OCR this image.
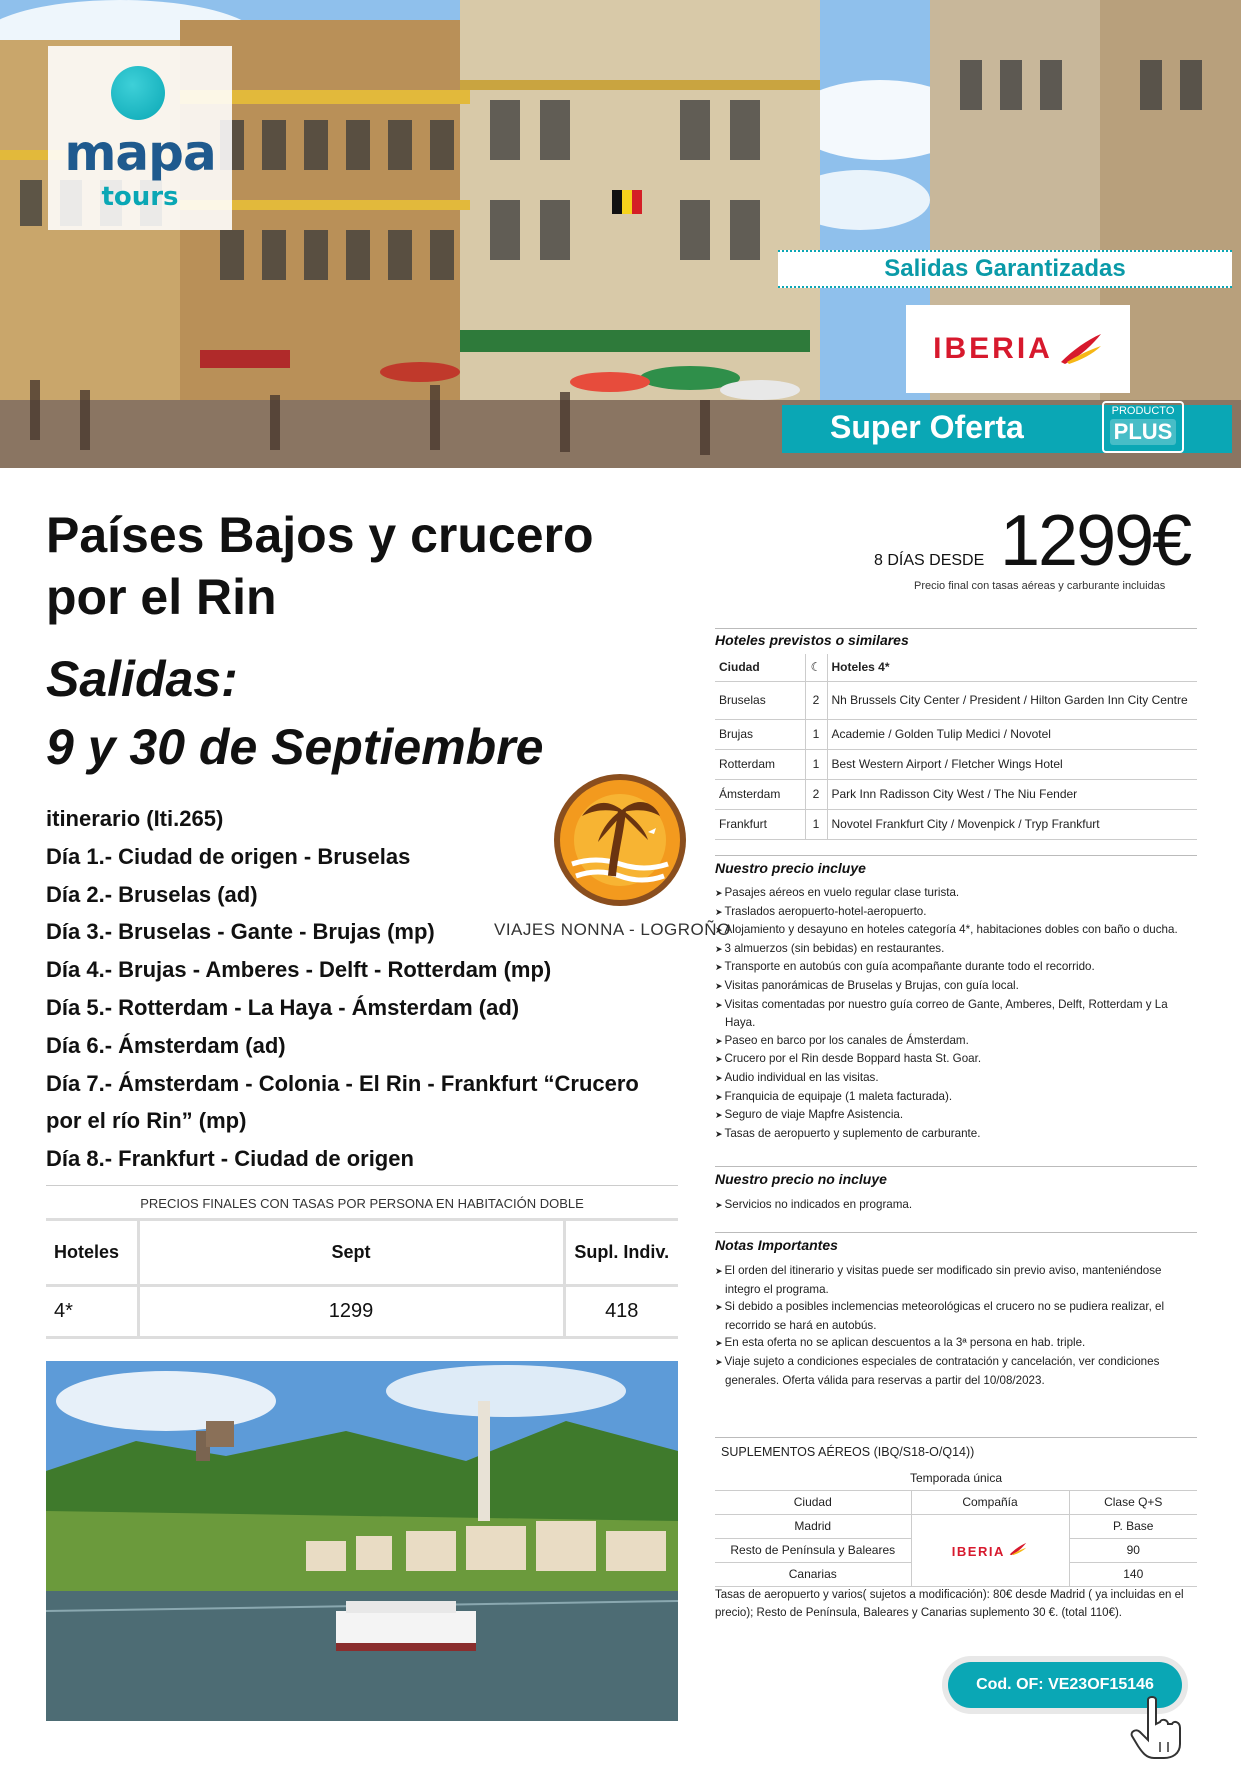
mapa
tours
Salidas Garantizadas
IBERIA
Super Oferta	PRODUCTO
PLUS
Países Bajos y crucero por el Rin
Salidas:
9 y 30 de Septiembre
itinerario (Iti.265)
Día 1.- Ciudad de origen - Bruselas
Día 2.- Bruselas (ad)
Día 3.- Bruselas - Gante - Brujas (mp)
Día 4.- Brujas - Amberes - Delft - Rotterdam (mp)
Día 5.- Rotterdam - La Haya - Ámsterdam (ad)
Día 6.- Ámsterdam (ad)
Día 7.- Ámsterdam - Colonia - El Rin - Frankfurt “Crucero por el río Rin” (mp)
Día 8.- Frankfurt - Ciudad de origen
VIAJES NONNA - LOGROÑO
PRECIOS FINALES CON TASAS POR PERSONA EN HABITACIÓN DOBLE
Hoteles	Sept	Supl. Indiv.
4*	1299	418
8 DÍAS DESDE 1299€
Precio final con tasas aéreas y carburante incluidas
Hoteles previstos o similares
Ciudad	☾	Hoteles 4*
Bruselas	2	Nh Brussels City Center / President / Hilton Garden Inn City Centre
Brujas	1	Academie / Golden Tulip Medici / Novotel
Rotterdam	1	Best Western Airport / Fletcher Wings Hotel
Ámsterdam	2	Park Inn Radisson City West / The Niu Fender
Frankfurt	1	Novotel Frankfurt City / Movenpick / Tryp Frankfurt
Nuestro precio incluye
➤ Pasajes aéreos en vuelo regular clase turista.
➤ Traslados aeropuerto-hotel-aeropuerto.
➤ Alojamiento y desayuno en hoteles categoría 4*, habitaciones dobles con baño o ducha.
➤ 3 almuerzos (sin bebidas) en restaurantes.
➤ Transporte en autobús con guía acompañante durante todo el recorrido.
➤ Visitas panorámicas de Bruselas y Brujas, con guía local.
➤ Visitas comentadas por nuestro guía correo de Gante, Amberes, Delft, Rotterdam y La Haya.
➤ Paseo en barco por los canales de Ámsterdam.
➤ Crucero por el Rin desde Boppard hasta St. Goar.
➤ Audio individual en las visitas.
➤ Franquicia de equipaje (1 maleta facturada).
➤ Seguro de viaje Mapfre Asistencia.
➤ Tasas de aeropuerto y suplemento de carburante.
Nuestro precio no incluye
➤ Servicios no indicados en programa.
Notas Importantes
➤ El orden del itinerario y visitas puede ser modificado sin previo aviso, manteniéndose integro el programa.
➤ Si debido a posibles inclemencias meteorológicas el crucero no se pudiera realizar, el recorrido se hará en autobús.
➤ En esta oferta no se aplican descuentos a la 3ª persona en hab. triple.
➤ Viaje sujeto a condiciones especiales de contratación y cancelación, ver condiciones generales. Oferta válida para reservas a partir del 10/08/2023.
SUPLEMENTOS AÉREOS (IBQ/S18-O/Q14))
Temporada única		
Ciudad	Compañía	Clase Q+S
Madrid	IBERIA	P. Base
Resto de Península y Baleares		90
Canarias		140
Tasas de aeropuerto y varios( sujetos a modificación): 80€ desde Madrid ( ya incluidas en el precio); Resto de Península, Baleares y Canarias suplemento 30 €. (total 110€).
Cod. OF: VE23OF15146
